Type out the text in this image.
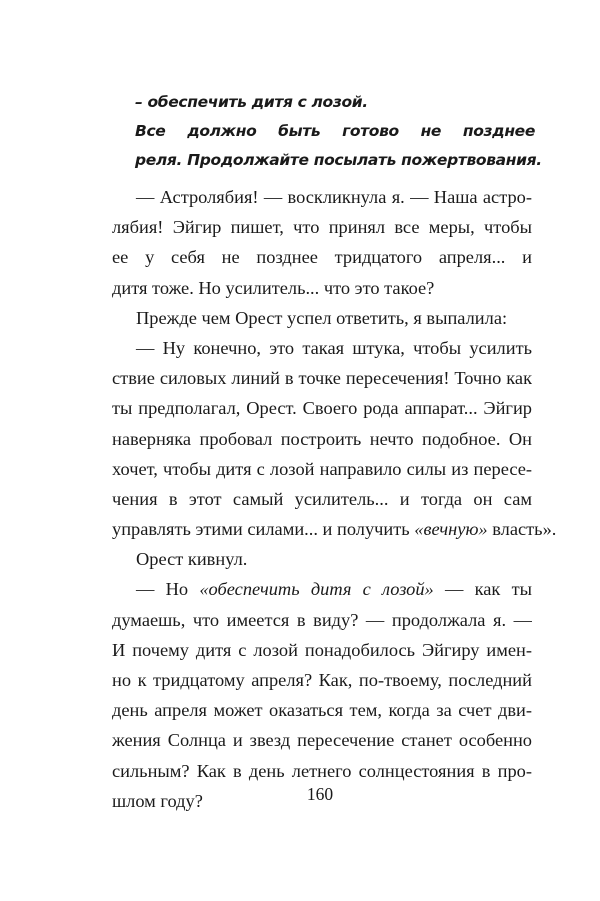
– обеспечить дитя с лозой.
Все должно быть готово не позднее
реля. Продолжайте посылать пожертвования.
— Астролябия! — воскликнула я. — Наша астро-
лябия! Эйгир пишет, что принял все меры, чтобы
ее у себя не позднее тридцатого апреля... и
дитя тоже. Но усилитель... что это такое?
Прежде чем Орест успел ответить, я выпалила:
— Ну конечно, это такая штука, чтобы усилить
ствие силовых линий в точке пересечения! Точно как
ты предполагал, Орест. Своего рода аппарат... Эйгир
наверняка пробовал построить нечто подобное. Он
хочет, чтобы дитя с лозой направило силы из пересе-
чения в этот самый усилитель... и тогда он сам
управлять этими силами... и получить «вечную» власть».
Орест кивнул.
— Но «обеспечить дитя с лозой» — как ты
думаешь, что имеется в виду? — продолжала я. —
И почему дитя с лозой понадобилось Эйгиру имен-
но к тридцатому апреля? Как, по-твоему, последний
день апреля может оказаться тем, когда за счет дви-
жения Солнца и звезд пересечение станет особенно
сильным? Как в день летнего солнцестояния в про-
шлом году?	160
